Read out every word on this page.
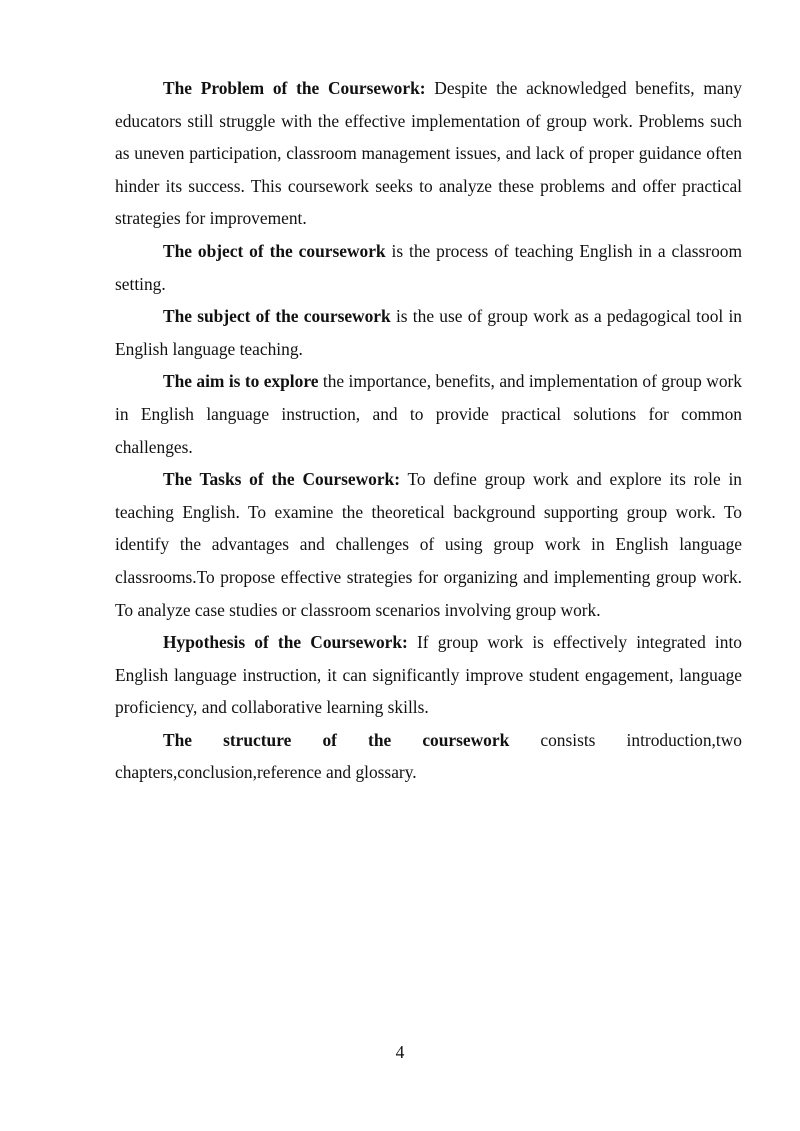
The Problem of the Coursework: Despite the acknowledged benefits, many educators still struggle with the effective implementation of group work. Problems such as uneven participation, classroom management issues, and lack of proper guidance often hinder its success. This coursework seeks to analyze these problems and offer practical strategies for improvement.

The object of the coursework is the process of teaching English in a classroom setting.

The subject of the coursework is the use of group work as a pedagogical tool in English language teaching.

The aim is to explore the importance, benefits, and implementation of group work in English language instruction, and to provide practical solutions for common challenges.

The Tasks of the Coursework: To define group work and explore its role in teaching English. To examine the theoretical background supporting group work. To identify the advantages and challenges of using group work in English language classrooms.To propose effective strategies for organizing and implementing group work. To analyze case studies or classroom scenarios involving group work.

Hypothesis of the Coursework: If group work is effectively integrated into English language instruction, it can significantly improve student engagement, language proficiency, and collaborative learning skills.

The structure of the coursework consists introduction,two chapters,conclusion,reference and glossary.

4
